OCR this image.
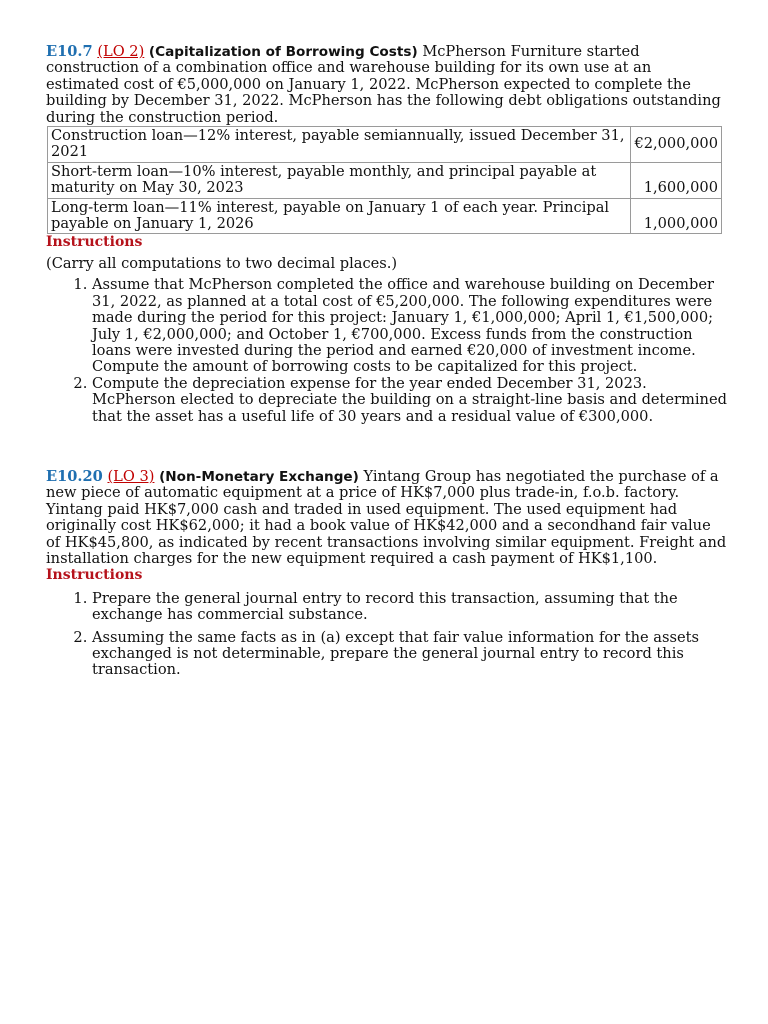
E10.7 (LO 2) (Capitalization of Borrowing Costs) McPherson Furniture started construction of a combination office and warehouse building for its own use at an estimated cost of €5,000,000 on January 1, 2022. McPherson expected to complete the building by December 31, 2022. McPherson has the following debt obligations outstanding during the construction period.
Construction loan—12% interest, payable semiannually, issued December 31, 2021	€2,000,000
Short-term loan—10% interest, payable monthly, and principal payable at maturity on May 30, 2023	1,600,000
Long-term loan—11% interest, payable on January 1 of each year. Principal payable on January 1, 2026	1,000,000
Instructions

(Carry all computations to two decimal places.)

1. Assume that McPherson completed the office and warehouse building on December 31, 2022, as planned at a total cost of €5,200,000. The following expenditures were made during the period for this project: January 1, €1,000,000; April 1, €1,500,000; July 1, €2,000,000; and October 1, €700,000. Excess funds from the construction loans were invested during the period and earned €20,000 of investment income. Compute the amount of borrowing costs to be capitalized for this project.
2. Compute the depreciation expense for the year ended December 31, 2023. McPherson elected to depreciate the building on a straight-line basis and determined that the asset has a useful life of 30 years and a residual value of €300,000.
E10.20 (LO 3) (Non-Monetary Exchange) Yintang Group has negotiated the purchase of a new piece of automatic equipment at a price of HK$7,000 plus trade-in, f.o.b. factory. Yintang paid HK$7,000 cash and traded in used equipment. The used equipment had originally cost HK$62,000; it had a book value of HK$42,000 and a secondhand fair value of HK$45,800, as indicated by recent transactions involving similar equipment. Freight and installation charges for the new equipment required a cash payment of HK$1,100.
Instructions
1. Prepare the general journal entry to record this transaction, assuming that the exchange has commercial substance.
2. Assuming the same facts as in (a) except that fair value information for the assets exchanged is not determinable, prepare the general journal entry to record this transaction.
